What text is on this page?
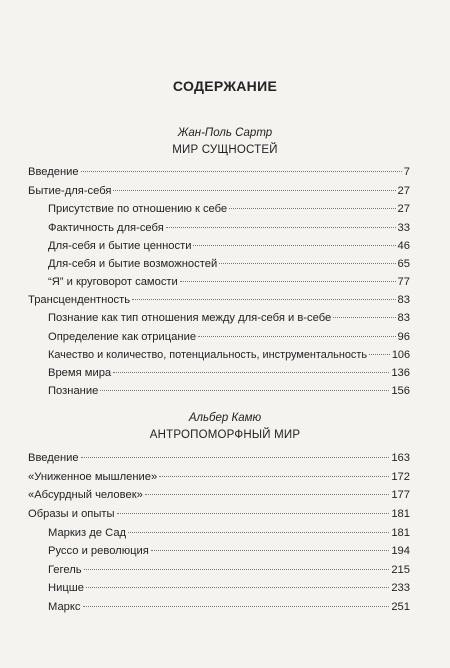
СОДЕРЖАНИЕ
Жан-Поль Сартр
МИР СУЩНОСТЕЙ
Введение	7
Бытие-для-себя	27
Присутствие по отношению к себе	27
Фактичность для-себя	33
Для-себя и бытие ценности	46
Для-себя и бытие возможностей	65
“Я” и круговорот самости	77
Трансцендентность	83
Познание как тип отношения между для-себя и в-себе	83
Определение как отрицание	96
Качество и количество, потенциальность, инструментальность 106
Время мира	136
Познание	156
Альбер Камю
АНТРОПОМОРФНЫЙ МИР
Введение	163
«Униженное мышление»	172
«Абсурдный человек»	177
Образы и опыты	181
Маркиз де Сад	181
Руссо и революция	194
Гегель	215
Ницше	233
Маркс	251
